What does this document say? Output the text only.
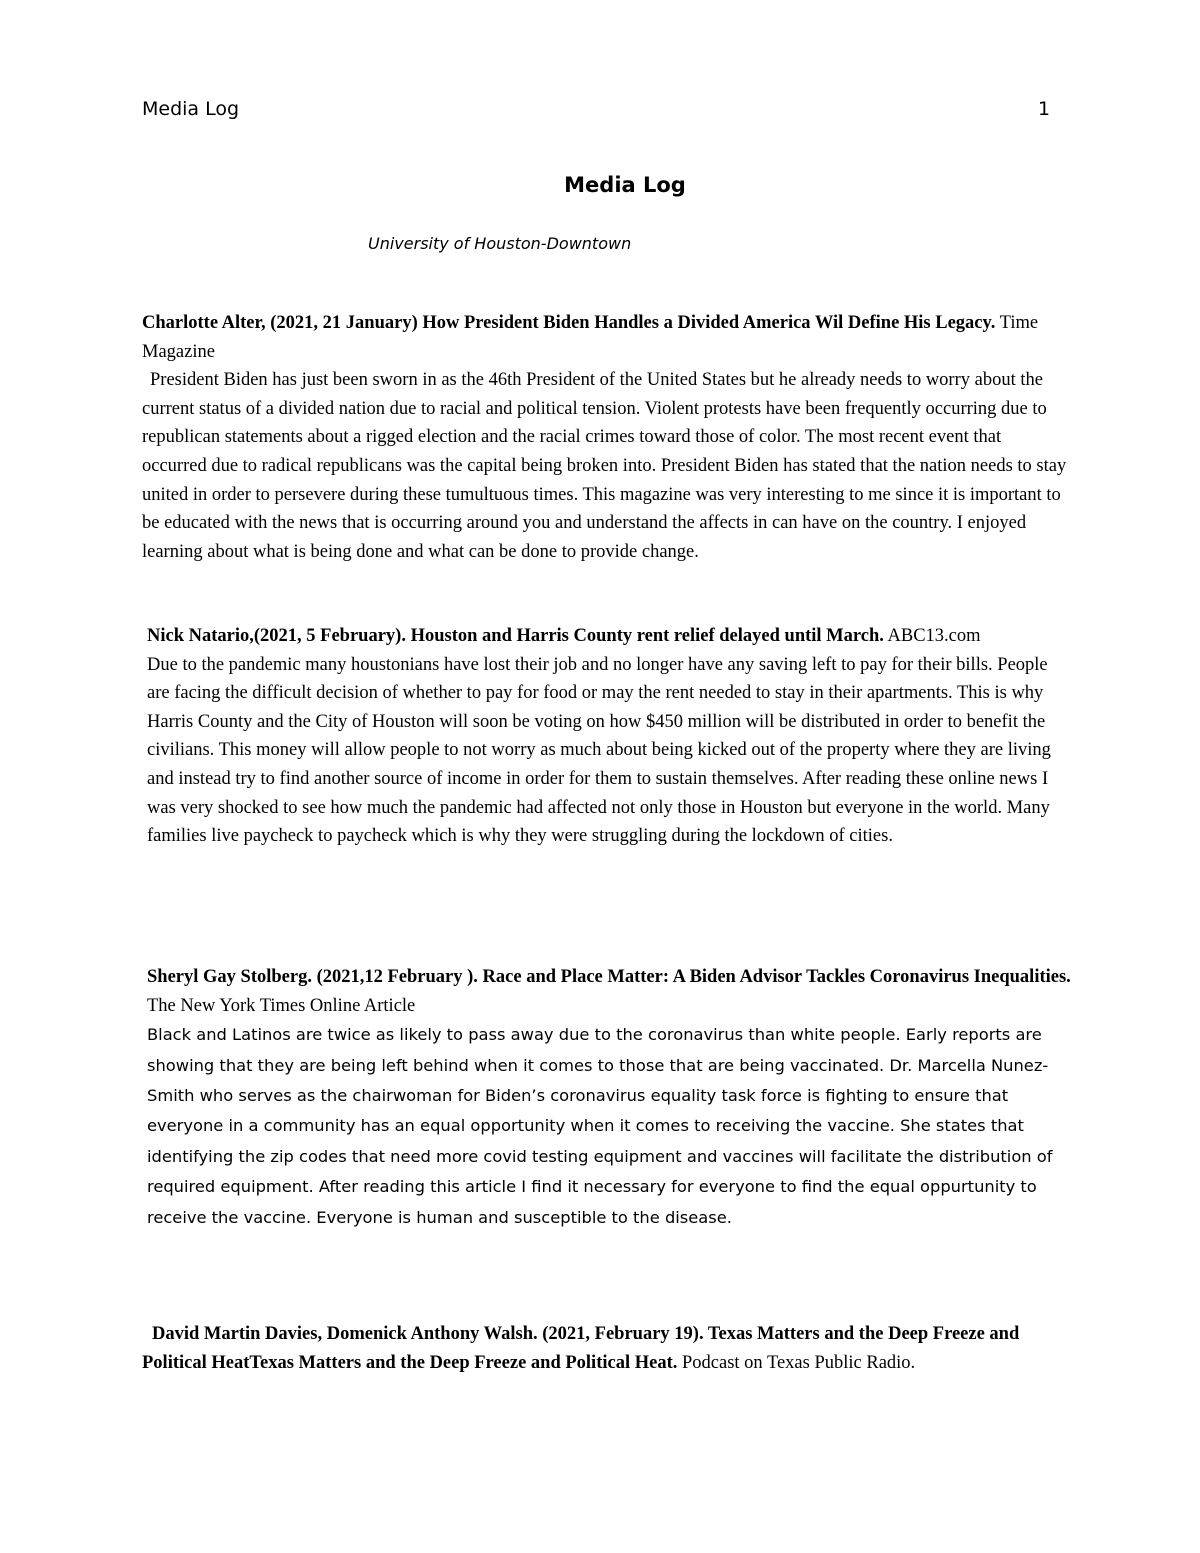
Media Log	1
Media Log
University of Houston-Downtown

Charlotte Alter, (2021, 21 January) How President Biden Handles a Divided America Wil Define His Legacy. Time Magazine

President Biden has just been sworn in as the 46th President of the United States but he already needs to worry about the current status of a divided nation due to racial and political tension. Violent protests have been frequently occurring due to republican statements about a rigged election and the racial crimes toward those of color. The most recent event that occurred due to radical republicans was the capital being broken into. President Biden has stated that the nation needs to stay united in order to persevere during these tumultuous times. This magazine was very interesting to me since it is important to be educated with the news that is occurring around you and understand the affects in can have on the country. I enjoyed learning about what is being done and what can be done to provide change.

Nick Natario,(2021, 5 February). Houston and Harris County rent relief delayed until March. ABC13.com

Due to the pandemic many houstonians have lost their job and no longer have any saving left to pay for their bills. People are facing the difficult decision of whether to pay for food or may the rent needed to stay in their apartments. This is why Harris County and the City of Houston will soon be voting on how $450 million will be distributed in order to benefit the civilians. This money will allow people to not worry as much about being kicked out of the property where they are living and instead try to find another source of income in order for them to sustain themselves. After reading these online news I was very shocked to see how much the pandemic had affected not only those in Houston but everyone in the world. Many families live paycheck to paycheck which is why they were struggling during the lockdown of cities.

Sheryl Gay Stolberg. (2021,12 February ). Race and Place Matter: A Biden Advisor Tackles Coronavirus Inequalities. The New York Times Online Article

Black and Latinos are twice as likely to pass away due to the coronavirus than white people. Early reports are showing that they are being left behind when it comes to those that are being vaccinated. Dr. Marcella Nunez- Smith who serves as the chairwoman for Biden’s coronavirus equality task force is fighting to ensure that everyone in a community has an equal opportunity when it comes to receiving the vaccine. She states that identifying the zip codes that need more covid testing equipment and vaccines will facilitate the distribution of required equipment. After reading this article I find it necessary for everyone to find the equal oppurtunity to receive the vaccine. Everyone is human and susceptible to the disease.

David Martin Davies, Domenick Anthony Walsh. (2021, February 19). Texas Matters and the Deep Freeze and Political HeatTexas Matters and the Deep Freeze and Political Heat. Podcast on Texas Public Radio.
